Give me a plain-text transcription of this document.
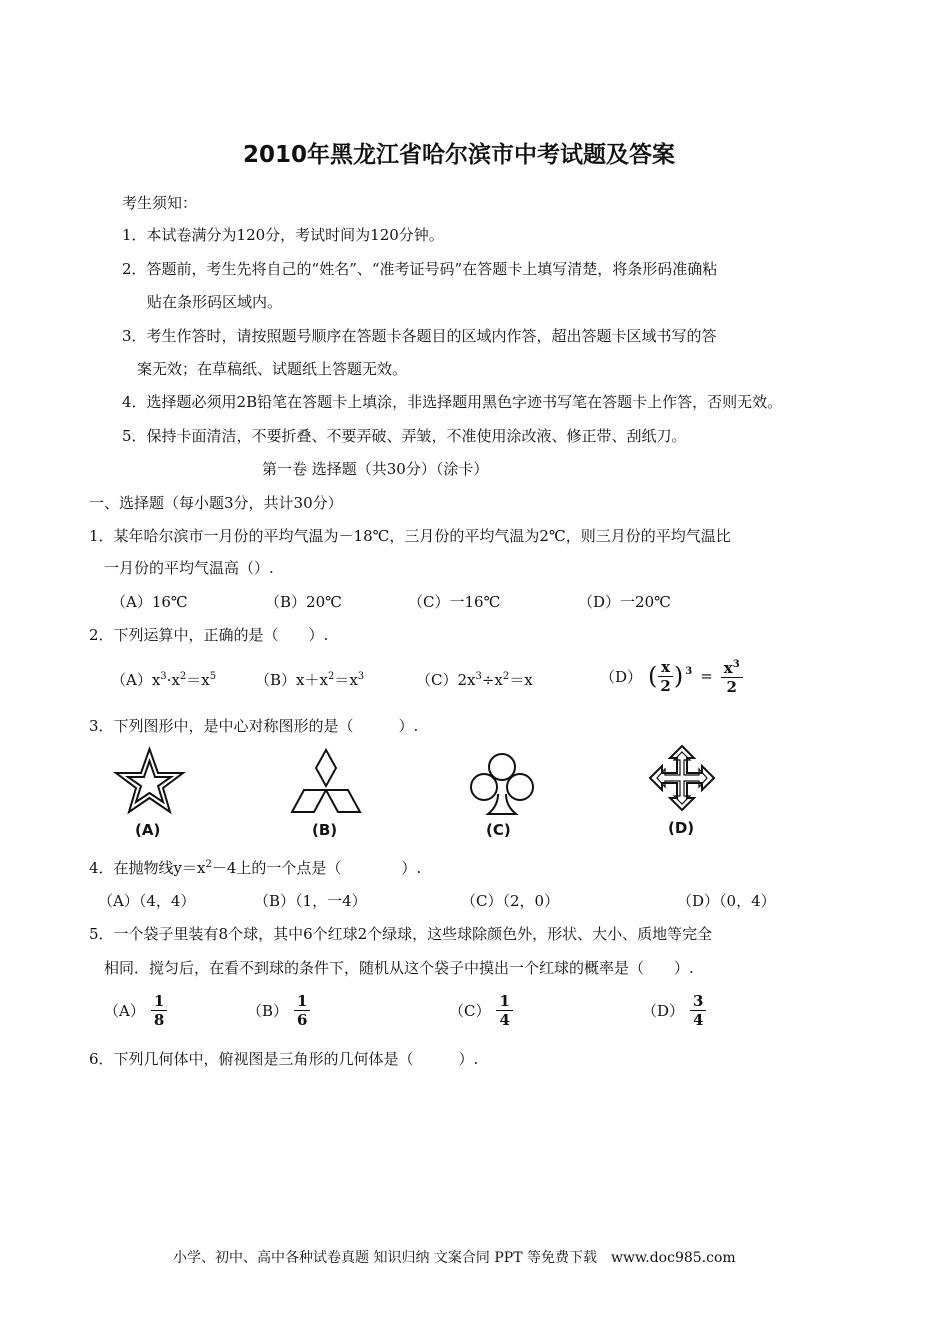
2010年黑龙江省哈尔滨市中考试题及答案
考生须知：
1．本试卷满分为120分，考试时间为120分钟。
2．答题前，考生先将自己的“姓名”、“准考证号码”在答题卡上填写清楚，将条形码准确粘
贴在条形码区域内。
3．考生作答时，请按照题号顺序在答题卡各题目的区域内作答，超出答题卡区域书写的答
案无效；在草稿纸、试题纸上答题无效。
4．选择题必须用2B铅笔在答题卡上填涂，非选择题用黑色字迹书写笔在答题卡上作答，否则无效。
5．保持卡面清洁，不要折叠、不要弄破、弄皱，不准使用涂改液、修正带、刮纸刀。
第一卷 选择题（共30分）（涂卡）
一、选择题（每小题3分，共计30分）
1．某年哈尔滨市一月份的平均气温为－18℃，三月份的平均气温为2℃，则三月份的平均气温比
一月份的平均气温高（）.
（A）16℃	（B）20℃	（C）一16℃	（D）一20℃
2．下列运算中，正确的是（　　）.
$(A)x^3\cdot x^2=x^5$	$(B)x+x^2=x^3$	$(C)2x^3\div x^2=x$	（D） ( $\frac{x}{2} )^3 = \frac{x^3}{2}$
3．下列图形中，是中心对称图形的是（　　　）.
(A)	(B)	(C)	(D)
4．在抛物线$y=x^2-4$上的一个点是（　　　　）.
（A）（4，4）	（B）（1，一4）	（C）（2，0）	（D）（0，4）
5．一个袋子里装有8个球，其中6个红球2个绿球，这些球除颜色外，形状、大小、质地等完全
相同．搅匀后，在看不到球的条件下，随机从这个袋子中摸出一个红球的概率是（　　）.
$(A) \frac{1}{8}$	$(B) \frac{1}{6}$	$(C) \frac{1}{4}$	$(D) \frac{3}{4}$
6．下列几何体中，俯视图是三角形的几何体是（　　　）.
小学、初中、高中各种试卷真题 知识归纳 文案合同 PPT 等免费下载　www.doc985.com
